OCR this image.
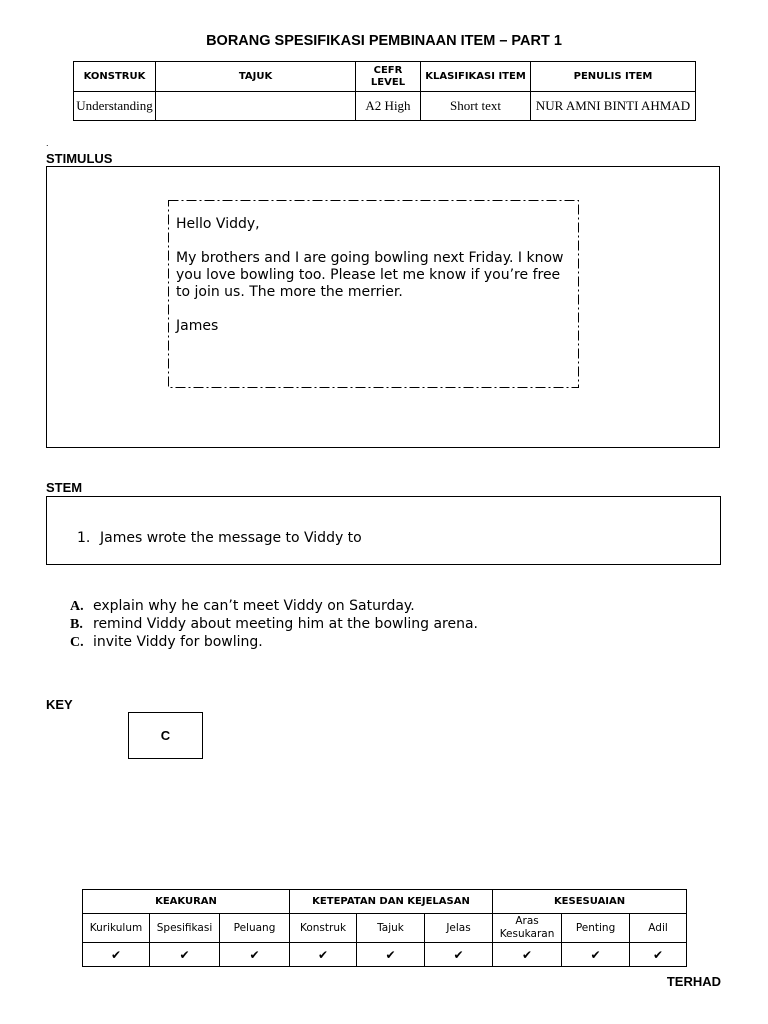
BORANG SPESIFIKASI PEMBINAAN ITEM – PART 1
KONSTRUK	TAJUK	CEFR LEVEL	KLASIFIKASI ITEM	PENULIS ITEM
Understanding		A2 High	Short text	NUR AMNI BINTI AHMAD
.
STIMULUS

Hello Viddy,

My brothers and I are going bowling next Friday. I know you love bowling too. Please let me know if you’re free to join us. The more the merrier.

James

STEM
1. James wrote the message to Viddy to
A. explain why he can’t meet Viddy on Saturday.
B. remind Viddy about meeting him at the bowling arena.
C. invite Viddy for bowling.
KEY
C
KEAKURAN			KETEPATAN DAN KEJELASAN			KESESUAIAN		
Kurikulum	Spesifikasi	Peluang	Konstruk	Tajuk	Jelas	Aras Kesukaran	Penting	Adil
✔	✔	✔	✔	✔	✔	✔	✔	✔
TERHAD
